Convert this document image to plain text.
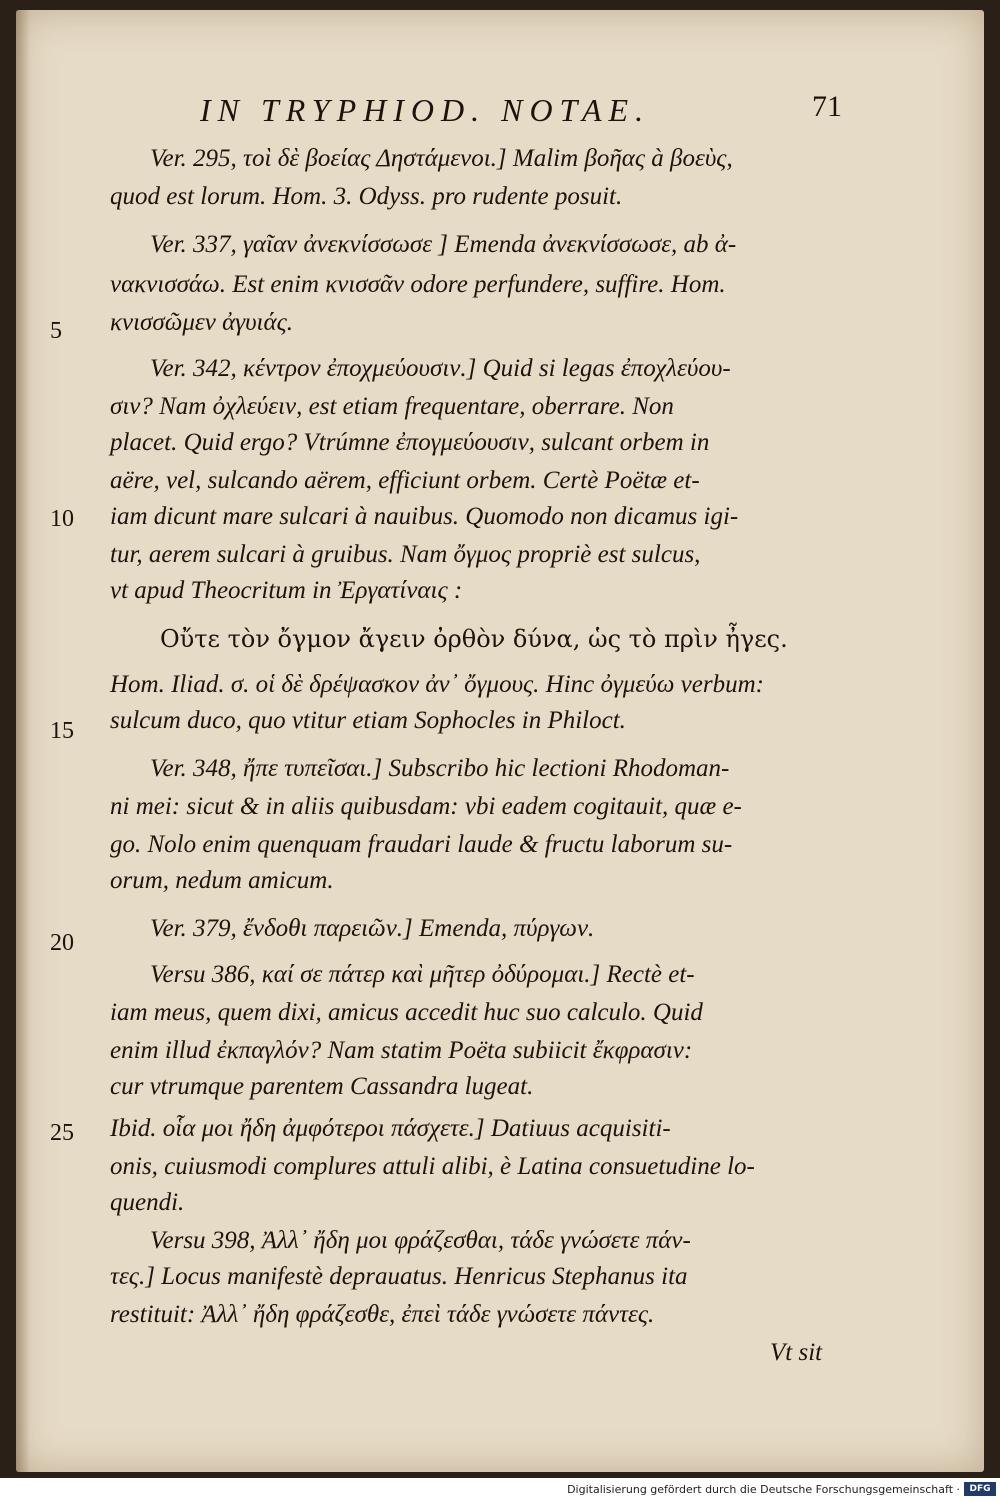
IN TRYPHIOD. NOTAE.	71
5
10
15
20
25
Ver. 295, τοὶ δὲ βοείας Δηστάμενοι.] Malim βοῆας à βοεὺς,
quod est lorum. Hom. 3. Odyss. pro rudente posuit.
Ver. 337, γαῖαν ἀνεκνίσσωσε ] Emenda ἀνεκνίσσωσε, ab ἀ-
νακνισσάω. Est enim κνισσᾶν odore perfundere, suffire. Hom.
κνισσῶμεν ἀγυιάς.
Ver. 342, κέντρον ἐποχμεύουσιν.] Quid si legas ἐποχλεύου-
σιν? Nam ὀχλεύειν, est etiam frequentare, oberrare. Non
placet. Quid ergo? Vtrúmne ἐπογμεύουσιν, sulcant orbem in
aëre, vel, sulcando aërem, efficiunt orbem. Certè Poëtæ et-
iam dicunt mare sulcari à nauibus. Quomodo non dicamus igi-
tur, aerem sulcari à gruibus. Nam ὄγμος propriè est sulcus,
vt apud Theocritum in Ἐργατίναις :
Οὔτε τὸν ὄγμον ἄγειν ὀρθὸν δύνα, ὡς τὸ πρὶν ἦγες.
Hom. Iliad. σ. οἱ δὲ δρέψασκον ἀν᾽ ὄγμους. Hinc ὀγμεύω verbum:
sulcum duco, quo vtitur etiam Sophocles in Philoct.
Ver. 348, ἤπε τυπεῖσαι.] Subscribo hic lectioni Rhodoman-
ni mei: sicut & in aliis quibusdam: vbi eadem cogitauit, quæ e-
go. Nolo enim quenquam fraudari laude & fructu laborum su-
orum, nedum amicum.
Ver. 379, ἔνδοθι παρειῶν.] Emenda, πύργων.
Versu 386, καί σε πάτερ καὶ μῆτερ ὀδύρομαι.] Rectè et-
iam meus, quem dixi, amicus accedit huc suo calculo. Quid
enim illud ἐκπαγλόν? Nam statim Poëta subiicit ἔκφρασιν:
cur vtrumque parentem Cassandra lugeat.
Ibid. οἷα μοι ἤδη ἀμφότεροι πάσχετε.] Datiuus acquisiti-
onis, cuiusmodi complures attuli alibi, è Latina consuetudine lo-
quendi.
Versu 398, Ἀλλ᾽ ἤδη μοι φράζεσθαι, τάδε γνώσετε πάν-
τες.] Locus manifestè deprauatus. Henricus Stephanus ita
restituit: Ἀλλ᾽ ἤδη φράζεσθε, ἐπεὶ τάδε γνώσετε πάντες.
Vt sit
Digitalisierung gefördert durch die Deutsche Forschungsgemeinschaft ·	DFG
